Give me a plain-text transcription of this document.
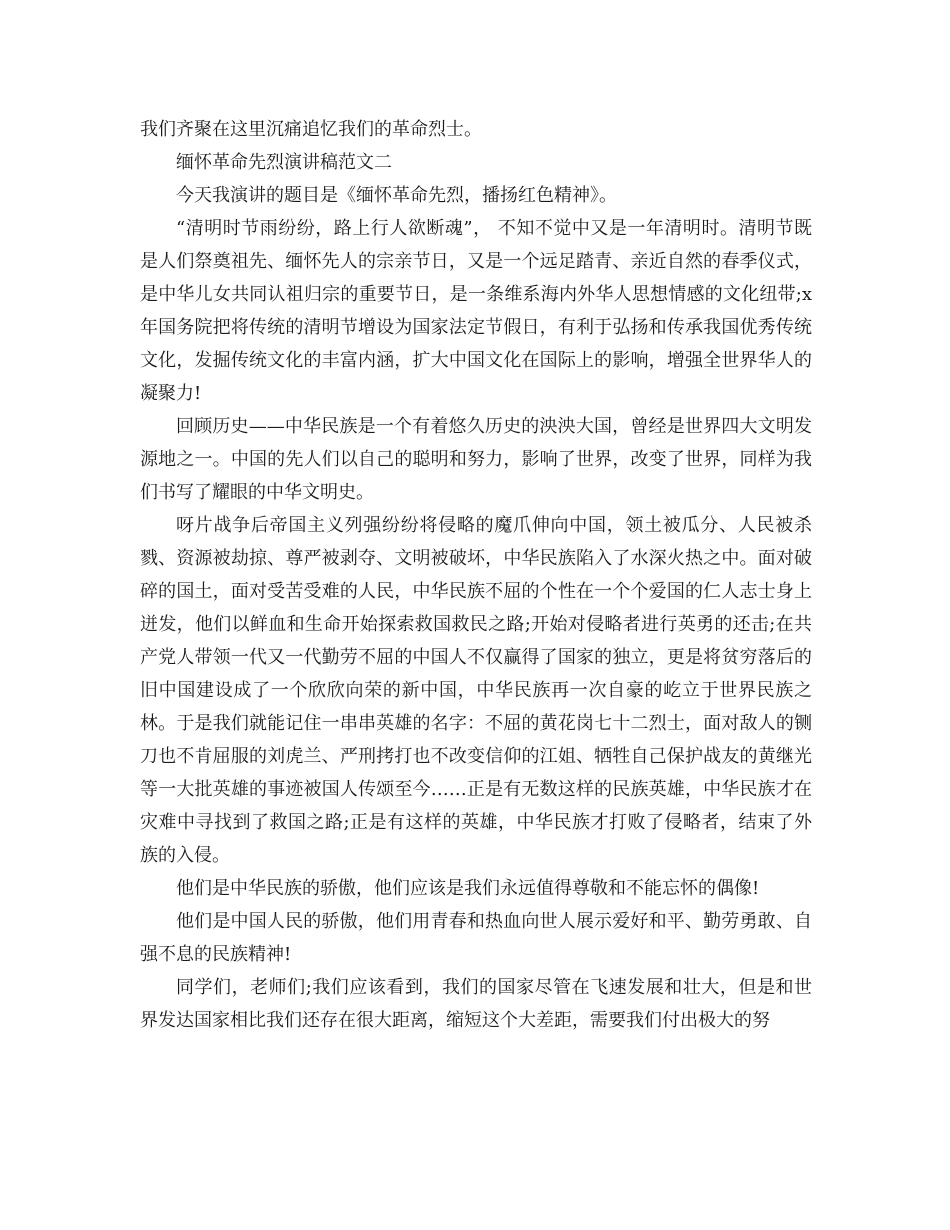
我们齐聚在这里沉痛追忆我们的革命烈士。

缅怀革命先烈演讲稿范文二

今天我演讲的题目是《缅怀革命先烈，播扬红色精神》。

“清明时节雨纷纷，路上行人欲断魂”， 不知不觉中又是一年清明时。清明节既是人们祭奠祖先、缅怀先人的宗亲节日，又是一个远足踏青、亲近自然的春季仪式，是中华儿女共同认祖归宗的重要节日，是一条维系海内外华人思想情感的文化纽带;x年国务院把将传统的清明节增设为国家法定节假日，有利于弘扬和传承我国优秀传统文化，发掘传统文化的丰富内涵，扩大中国文化在国际上的影响，增强全世界华人的凝聚力!

回顾历史——中华民族是一个有着悠久历史的泱泱大国，曾经是世界四大文明发源地之一。中国的先人们以自己的聪明和努力，影响了世界，改变了世界，同样为我们书写了耀眼的中华文明史。

呀片战争后帝国主义列强纷纷将侵略的魔爪伸向中国，领土被瓜分、人民被杀戮、资源被劫掠、尊严被剥夺、文明被破坏，中华民族陷入了水深火热之中。面对破碎的国土，面对受苦受难的人民，中华民族不屈的个性在一个个爱国的仁人志士身上迸发，他们以鲜血和生命开始探索救国救民之路;开始对侵略者进行英勇的还击;在共产党人带领一代又一代勤劳不屈的中国人不仅赢得了国家的独立，更是将贫穷落后的旧中国建设成了一个欣欣向荣的新中国，中华民族再一次自豪的屹立于世界民族之林。于是我们就能记住一串串英雄的名字：不屈的黄花岗七十二烈士，面对敌人的铡刀也不肯屈服的刘虎兰、严刑拷打也不改变信仰的江姐、牺牲自己保护战友的黄继光等一大批英雄的事迹被国人传颂至今……正是有无数这样的民族英雄，中华民族才在灾难中寻找到了救国之路;正是有这样的英雄，中华民族才打败了侵略者，结束了外族的入侵。

他们是中华民族的骄傲，他们应该是我们永远值得尊敬和不能忘怀的偶像!

他们是中国人民的骄傲，他们用青春和热血向世人展示爱好和平、勤劳勇敢、自强不息的民族精神!

同学们，老师们;我们应该看到，我们的国家尽管在飞速发展和壮大，但是和世界发达国家相比我们还存在很大距离，缩短这个大差距，需要我们付出极大的努
